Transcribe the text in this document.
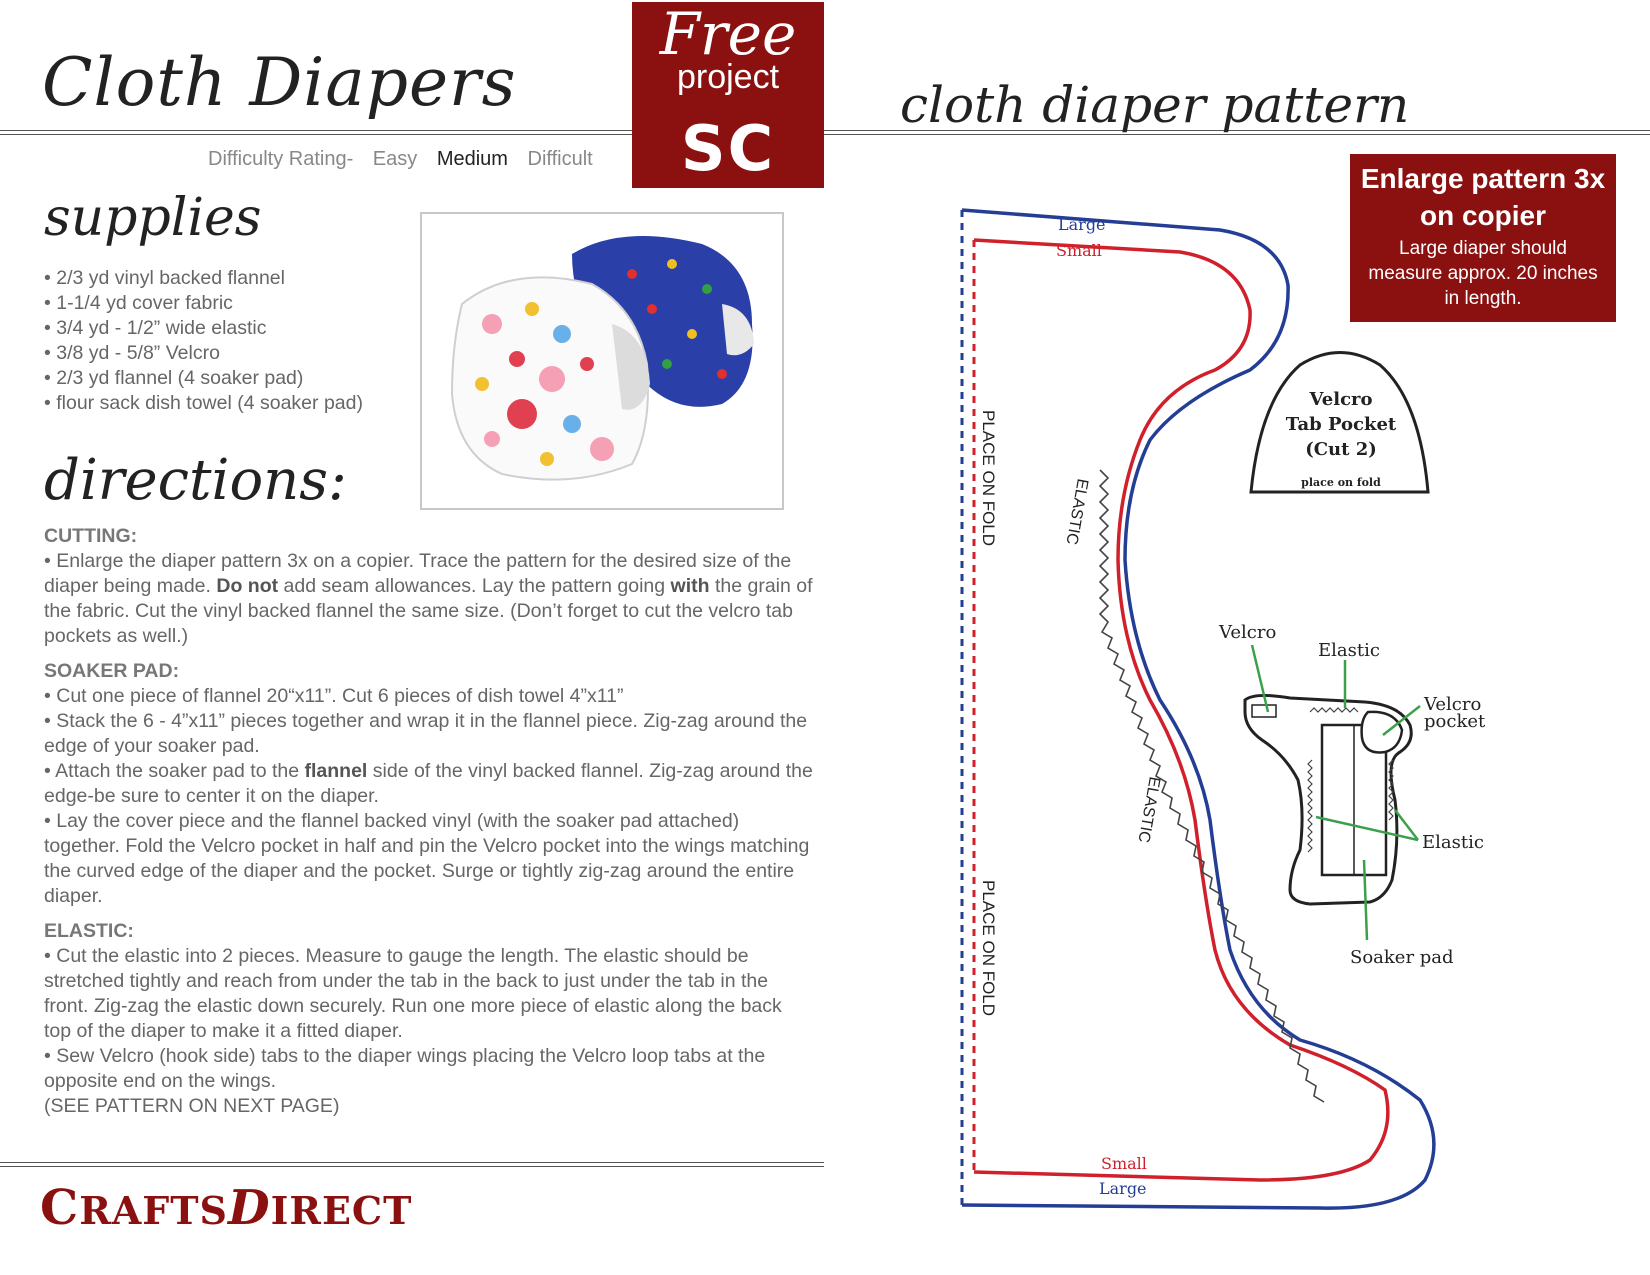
Cloth Diapers
Free
project
SC
cloth diaper pattern
Difficulty Rating- Easy Medium Difficult
supplies
• 2/3 yd vinyl backed flannel
• 1-1/4 yd cover fabric
• 3/4 yd - 1/2” wide elastic
• 3/8 yd - 5/8” Velcro
• 2/3 yd flannel (4 soaker pad)
• flour sack dish towel (4 soaker pad)
directions:

CUTTING:

• Enlarge the diaper pattern 3x on a copier. Trace the pattern for the desired size of the diaper being made. Do not add seam allowances. Lay the pattern going with the grain of the fabric. Cut the vinyl backed flannel the same size. (Don’t forget to cut the velcro tab pockets as well.)

SOAKER PAD:

• Cut one piece of flannel 20“x11”. Cut 6 pieces of dish towel 4”x11”

• Stack the 6 - 4”x11” pieces together and wrap it in the flannel piece. Zig-zag around the edge of your soaker pad.

• Attach the soaker pad to the flannel side of the vinyl backed flannel. Zig-zag around the edge-be sure to center it on the diaper.

• Lay the cover piece and the flannel backed vinyl (with the soaker pad attached) together. Fold the Velcro pocket in half and pin the Velcro pocket into the wings matching the curved edge of the diaper and the pocket. Surge or tightly zig-zag around the entire diaper.

ELASTIC:

• Cut the elastic into 2 pieces. Measure to gauge the length. The elastic should be stretched tightly and reach from under the tab in the back to just under the tab in the front. Zig-zag the elastic down securely. Run one more piece of elastic along the back top of the diaper to make it a fitted diaper.

• Sew Velcro (hook side) tabs to the diaper wings placing the Velcro loop tabs at the opposite end on the wings.

(SEE PATTERN ON NEXT PAGE)

CRAFTSDIRECT
Enlarge pattern 3x on copier
Large diaper should measure approx. 20 inches in length.
Large
Small
Small
Large
PLACE ON FOLD
PLACE ON FOLD
ELASTIC
ELASTIC
Velcro
Tab Pocket
(Cut 2)
place on fold
Velcro
Elastic
Velcro
pocket
Elastic
Soaker pad
